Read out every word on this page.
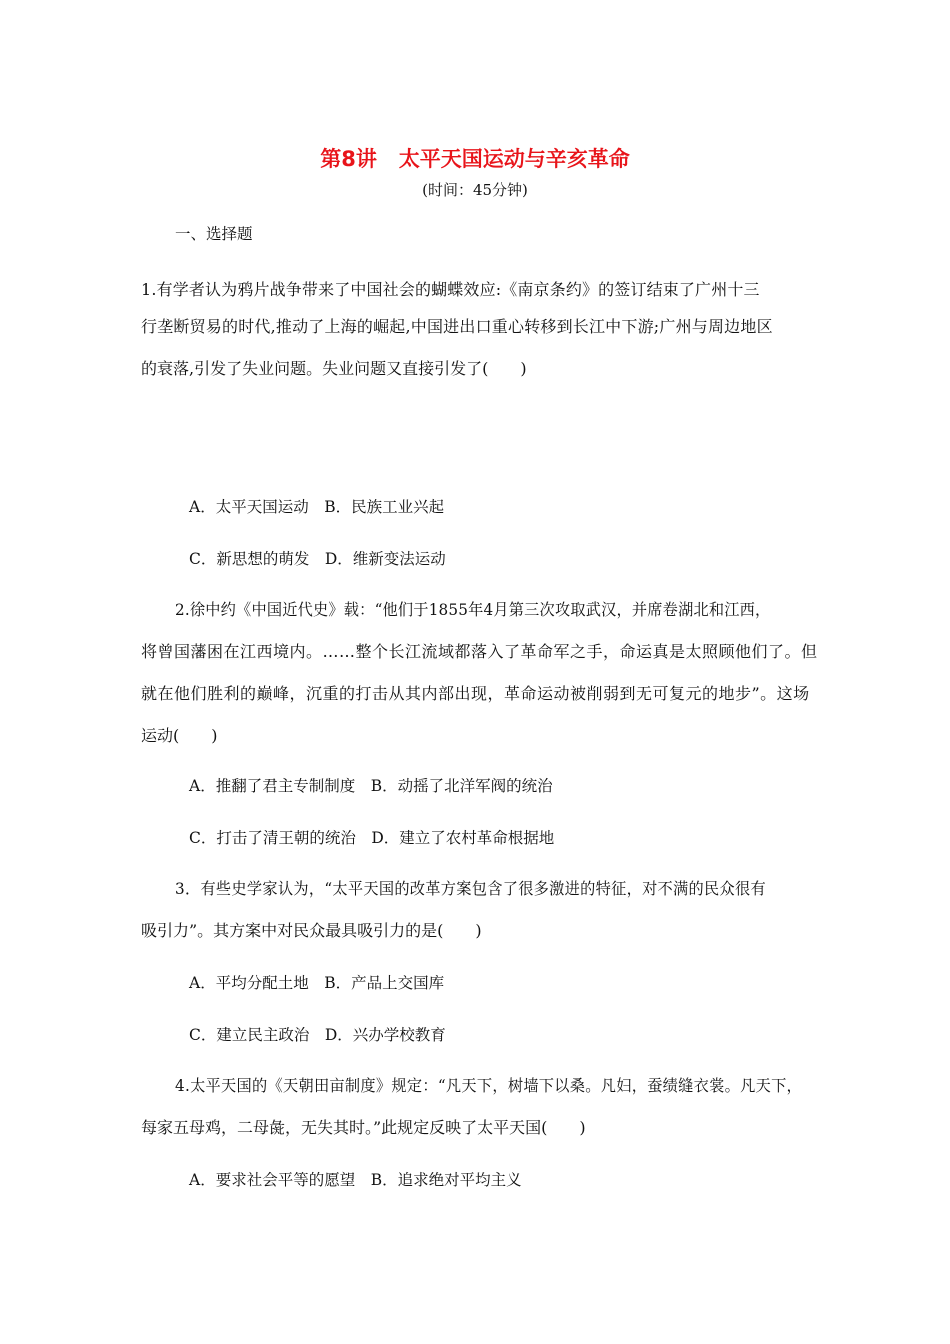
第8讲   太平天国运动与辛亥革命
(时间：45分钟)
一、选择题
1.有学者认为鸦片战争带来了中国社会的蝴蝶效应:《南京条约》的签订结束了广州十三
行垄断贸易的时代,推动了上海的崛起,中国进出口重心转移到长江中下游;广州与周边地区
的衰落,引发了失业问题。失业问题又直接引发了(　　)
A．太平天国运动　B．民族工业兴起
C．新思想的萌发　D．维新变法运动
2.徐中约《中国近代史》载：“他们于1855年4月第三次攻取武汉，并席卷湖北和江西，
将曾国藩困在江西境内。……整个长江流域都落入了革命军之手，命运真是太照顾他们了。但
就在他们胜利的巅峰，沉重的打击从其内部出现，革命运动被削弱到无可复元的地步”。这场
运动(　　)
A．推翻了君主专制制度　B．动摇了北洋军阀的统治
C．打击了清王朝的统治　D．建立了农村革命根据地
3．有些史学家认为，“太平天国的改革方案包含了很多激进的特征，对不满的民众很有
吸引力”。其方案中对民众最具吸引力的是(　　)
A．平均分配土地　B．产品上交国库
C．建立民主政治　D．兴办学校教育
4.太平天国的《天朝田亩制度》规定：“凡天下，树墙下以桑。凡妇，蚕绩缝衣裳。凡天下，
每家五母鸡，二母彘，无失其时。”此规定反映了太平天国(　　)
A．要求社会平等的愿望　B．追求绝对平均主义
